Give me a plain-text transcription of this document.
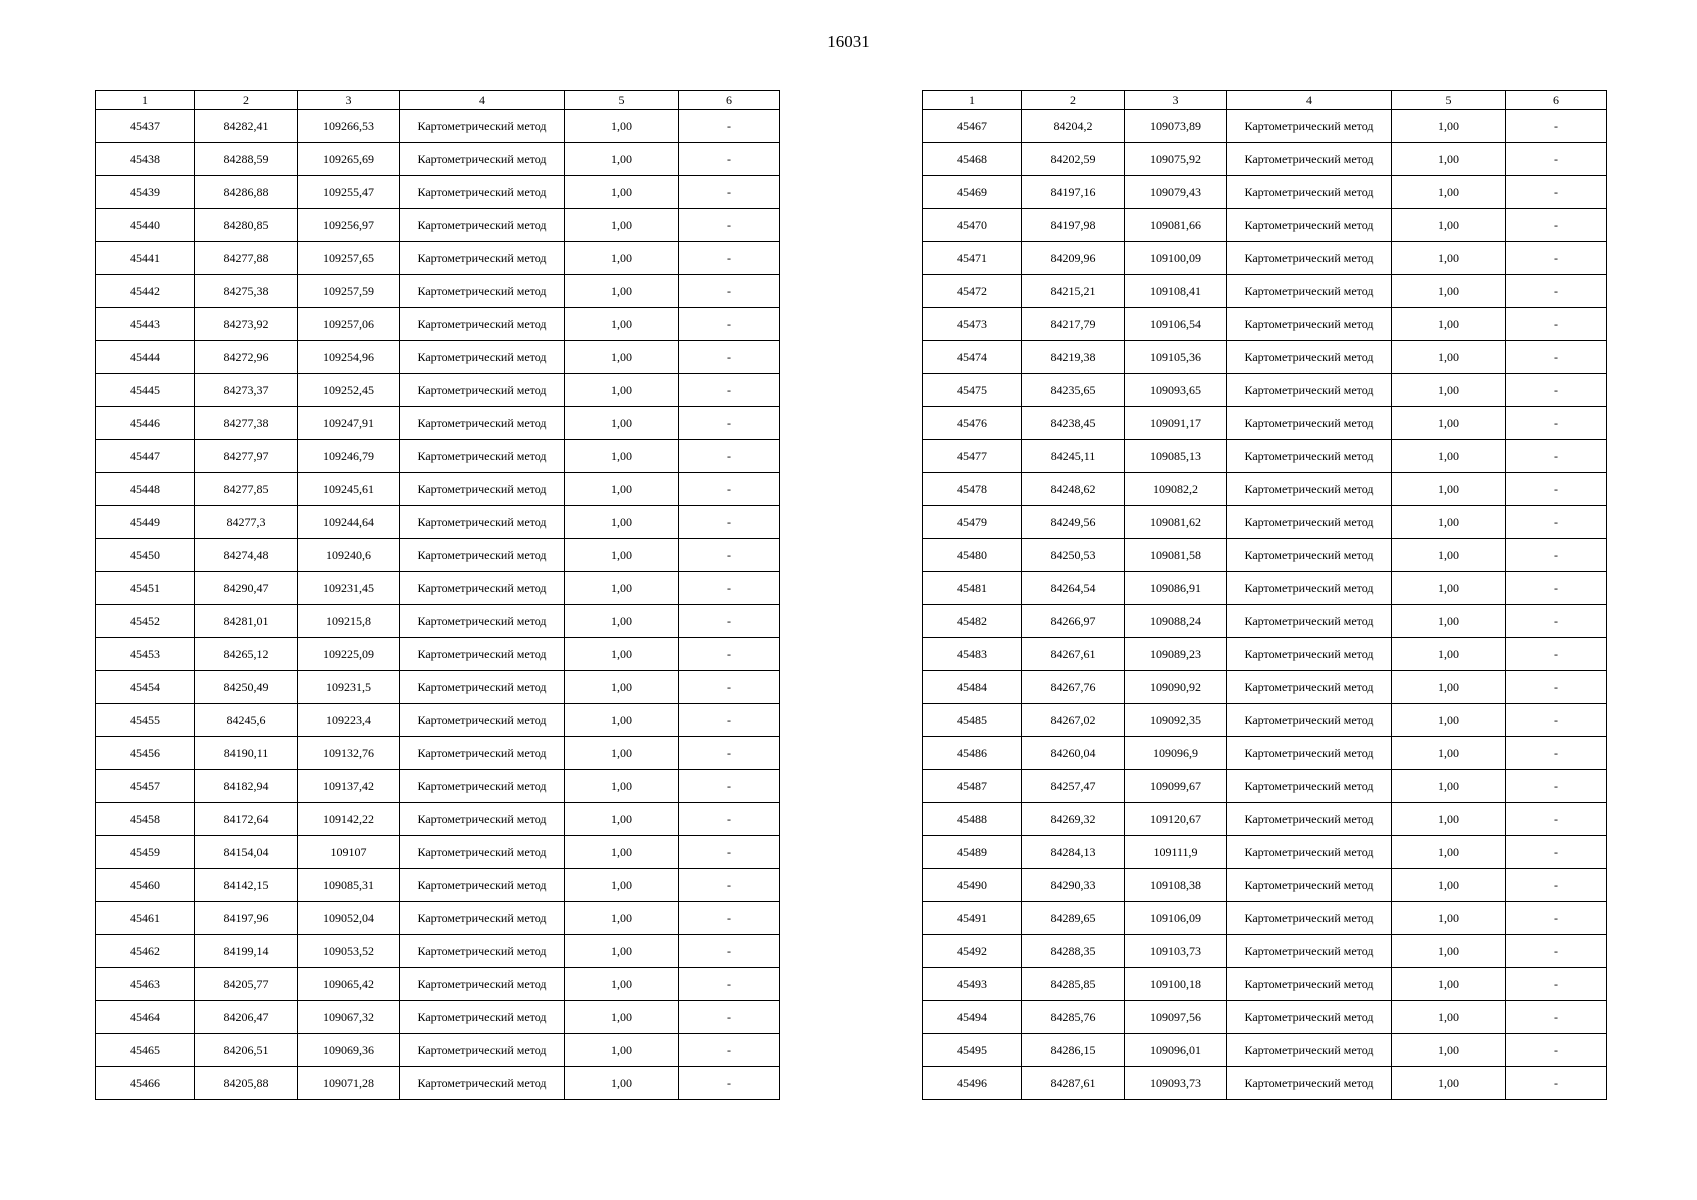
16031
1	2	3	4	5	6
45437	84282,41	109266,53	Картометрический метод	1,00	-
45438	84288,59	109265,69	Картометрический метод	1,00	-
45439	84286,88	109255,47	Картометрический метод	1,00	-
45440	84280,85	109256,97	Картометрический метод	1,00	-
45441	84277,88	109257,65	Картометрический метод	1,00	-
45442	84275,38	109257,59	Картометрический метод	1,00	-
45443	84273,92	109257,06	Картометрический метод	1,00	-
45444	84272,96	109254,96	Картометрический метод	1,00	-
45445	84273,37	109252,45	Картометрический метод	1,00	-
45446	84277,38	109247,91	Картометрический метод	1,00	-
45447	84277,97	109246,79	Картометрический метод	1,00	-
45448	84277,85	109245,61	Картометрический метод	1,00	-
45449	84277,3	109244,64	Картометрический метод	1,00	-
45450	84274,48	109240,6	Картометрический метод	1,00	-
45451	84290,47	109231,45	Картометрический метод	1,00	-
45452	84281,01	109215,8	Картометрический метод	1,00	-
45453	84265,12	109225,09	Картометрический метод	1,00	-
45454	84250,49	109231,5	Картометрический метод	1,00	-
45455	84245,6	109223,4	Картометрический метод	1,00	-
45456	84190,11	109132,76	Картометрический метод	1,00	-
45457	84182,94	109137,42	Картометрический метод	1,00	-
45458	84172,64	109142,22	Картометрический метод	1,00	-
45459	84154,04	109107	Картометрический метод	1,00	-
45460	84142,15	109085,31	Картометрический метод	1,00	-
45461	84197,96	109052,04	Картометрический метод	1,00	-
45462	84199,14	109053,52	Картометрический метод	1,00	-
45463	84205,77	109065,42	Картометрический метод	1,00	-
45464	84206,47	109067,32	Картометрический метод	1,00	-
45465	84206,51	109069,36	Картометрический метод	1,00	-
45466	84205,88	109071,28	Картометрический метод	1,00	-
1	2	3	4	5	6
45467	84204,2	109073,89	Картометрический метод	1,00	-
45468	84202,59	109075,92	Картометрический метод	1,00	-
45469	84197,16	109079,43	Картометрический метод	1,00	-
45470	84197,98	109081,66	Картометрический метод	1,00	-
45471	84209,96	109100,09	Картометрический метод	1,00	-
45472	84215,21	109108,41	Картометрический метод	1,00	-
45473	84217,79	109106,54	Картометрический метод	1,00	-
45474	84219,38	109105,36	Картометрический метод	1,00	-
45475	84235,65	109093,65	Картометрический метод	1,00	-
45476	84238,45	109091,17	Картометрический метод	1,00	-
45477	84245,11	109085,13	Картометрический метод	1,00	-
45478	84248,62	109082,2	Картометрический метод	1,00	-
45479	84249,56	109081,62	Картометрический метод	1,00	-
45480	84250,53	109081,58	Картометрический метод	1,00	-
45481	84264,54	109086,91	Картометрический метод	1,00	-
45482	84266,97	109088,24	Картометрический метод	1,00	-
45483	84267,61	109089,23	Картометрический метод	1,00	-
45484	84267,76	109090,92	Картометрический метод	1,00	-
45485	84267,02	109092,35	Картометрический метод	1,00	-
45486	84260,04	109096,9	Картометрический метод	1,00	-
45487	84257,47	109099,67	Картометрический метод	1,00	-
45488	84269,32	109120,67	Картометрический метод	1,00	-
45489	84284,13	109111,9	Картометрический метод	1,00	-
45490	84290,33	109108,38	Картометрический метод	1,00	-
45491	84289,65	109106,09	Картометрический метод	1,00	-
45492	84288,35	109103,73	Картометрический метод	1,00	-
45493	84285,85	109100,18	Картометрический метод	1,00	-
45494	84285,76	109097,56	Картометрический метод	1,00	-
45495	84286,15	109096,01	Картометрический метод	1,00	-
45496	84287,61	109093,73	Картометрический метод	1,00	-
